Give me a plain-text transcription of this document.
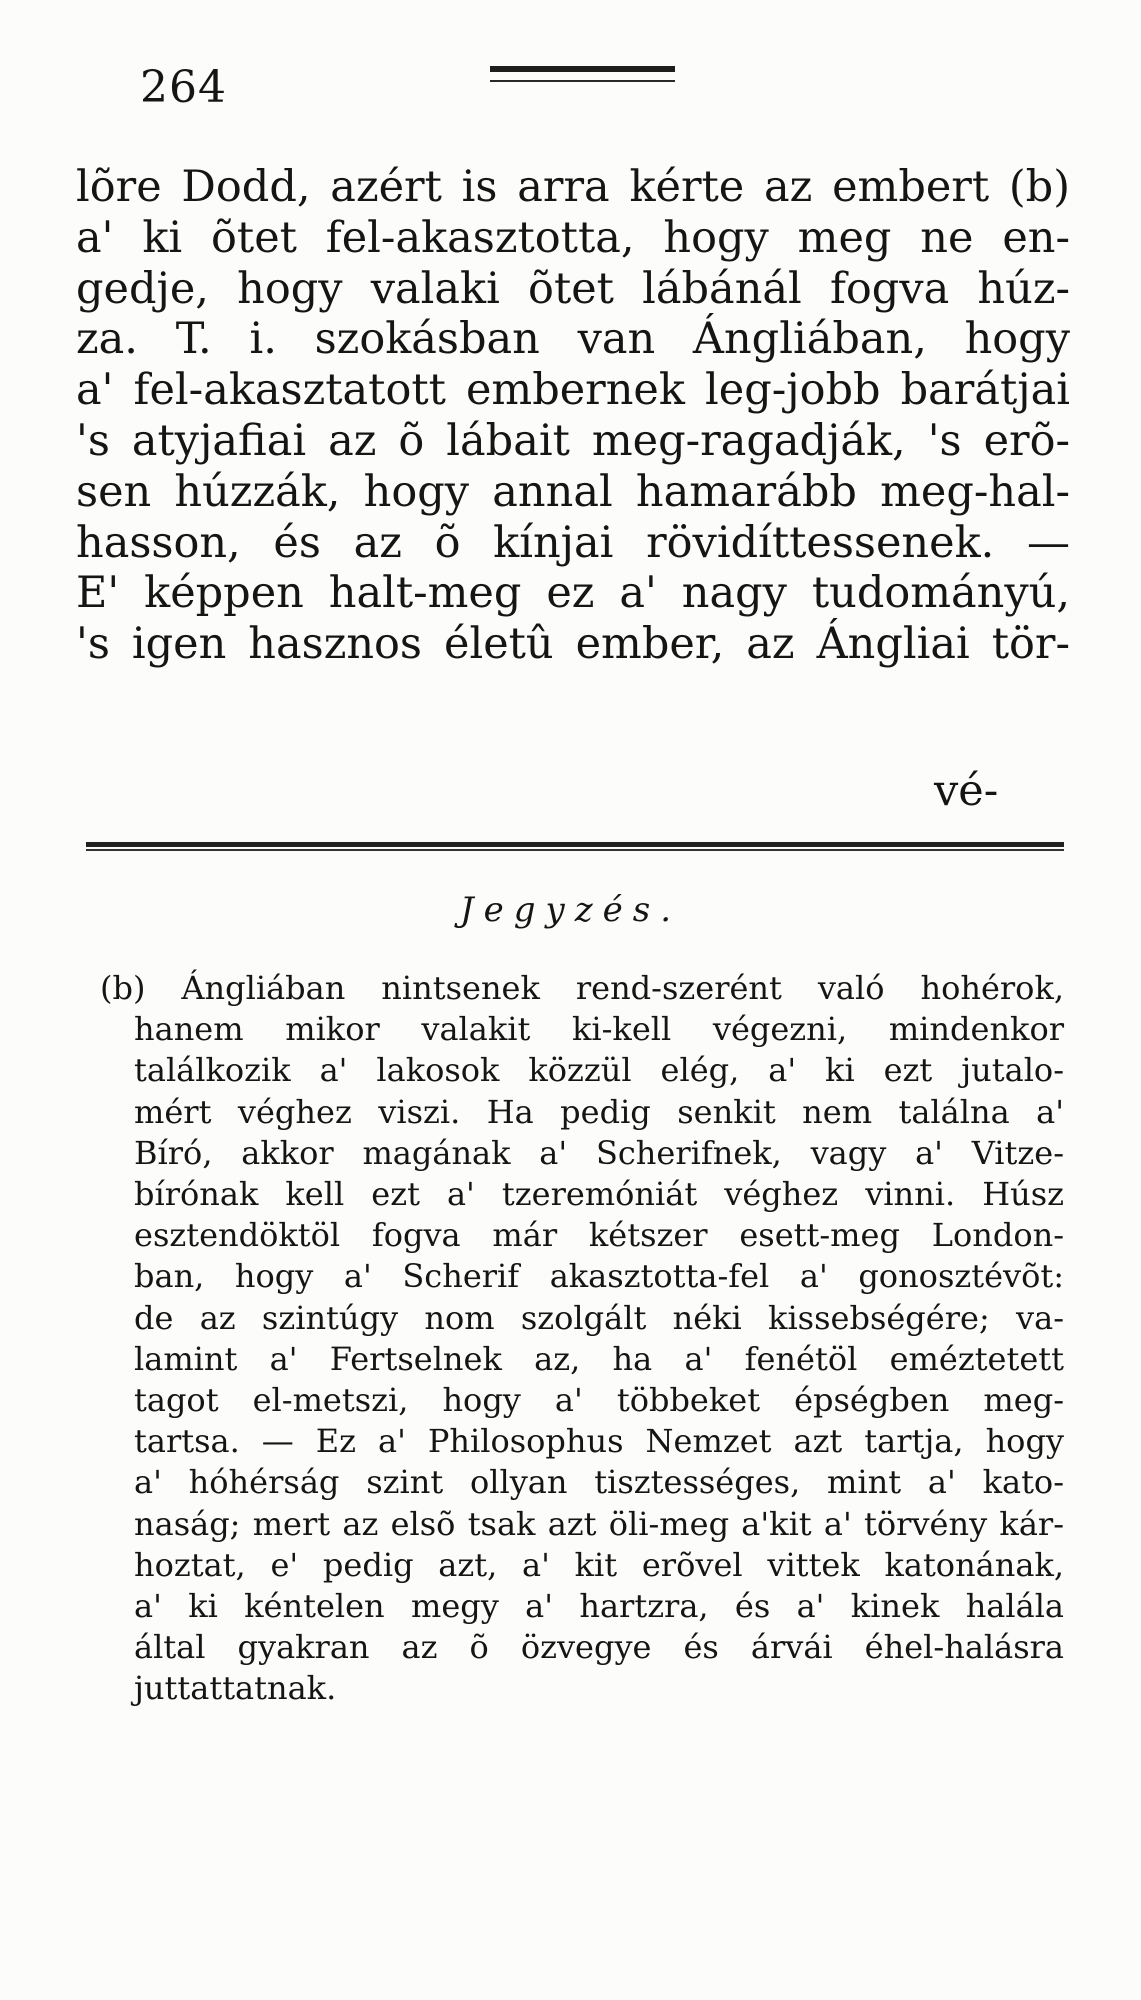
264
lõre Dodd, azért is arra kérte az embert (b)
a' ki õtet fel-akasztotta, hogy meg ne en-
gedje, hogy valaki õtet lábánál fogva húz-
za. T. i. szokásban van Ángliában, hogy
a' fel-akasztatott embernek leg-jobb barátjai
's atyjafiai az õ lábait meg-ragadják, 's erõ-
sen húzzák, hogy annal hamarább meg-hal-
hasson, és az õ kínjai rövidíttessenek. —
E' képpen halt-meg ez a' nagy tudományú,
's igen hasznos életû ember, az Ángliai tör-
vé-
Jegyzés.
(b) Ángliában nintsenek rend-szerént való hohérok,
hanem mikor valakit ki-kell végezni, mindenkor
találkozik a' lakosok közzül elég, a' ki ezt jutalo-
mért véghez viszi. Ha pedig senkit nem találna a'
Bíró, akkor magának a' Scherifnek, vagy a' Vitze-
bírónak kell ezt a' tzeremóniát véghez vinni. Húsz
esztendöktöl fogva már kétszer esett-meg London-
ban, hogy a' Scherif akasztotta-fel a' gonosztévõt:
de az szintúgy nom szolgált néki kissebségére; va-
lamint a' Fertselnek az, ha a' fenétöl eméztetett
tagot el-metszi, hogy a' többeket épségben meg-
tartsa. — Ez a' Philosophus Nemzet azt tartja, hogy
a' hóhérság szint ollyan tisztességes, mint a' kato-
naság; mert az elsõ tsak azt öli-meg a'kit a' törvény kár-
hoztat, e' pedig azt, a' kit erõvel vittek katonának,
a' ki kéntelen megy a' hartzra, és a' kinek halála
által gyakran az õ özvegye és árvái éhel-halásra
juttattatnak.
